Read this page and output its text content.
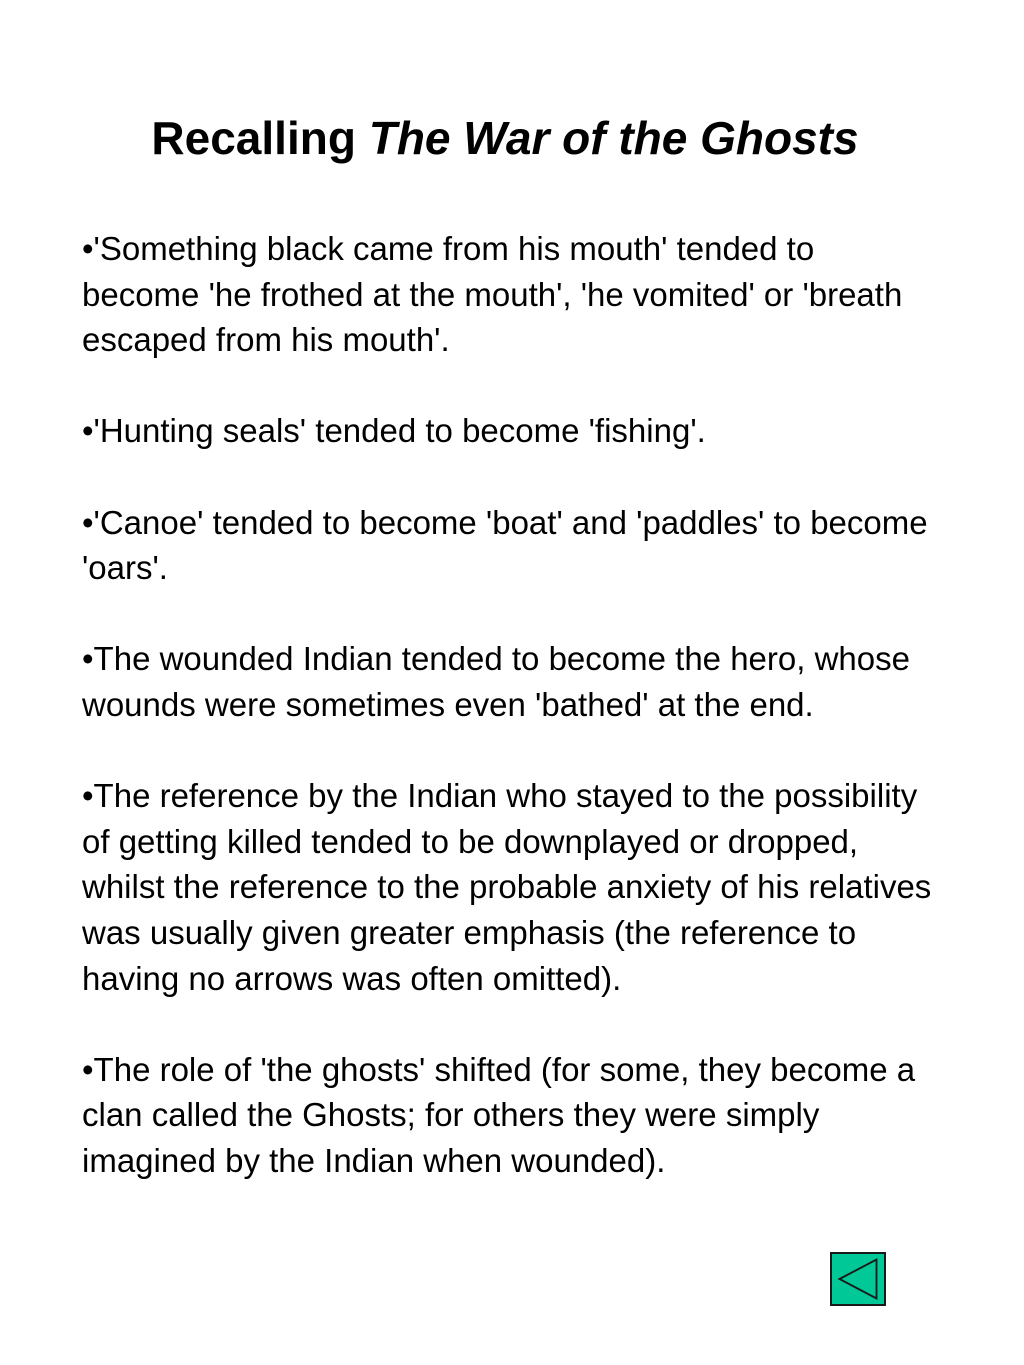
Recalling The War of the Ghosts

•'Something black came from his mouth' tended to become 'he frothed at the mouth', 'he vomited' or 'breath escaped from his mouth'.

•'Hunting seals' tended to become 'fishing'.

•'Canoe' tended to become 'boat' and 'paddles' to become 'oars'.

•The wounded Indian tended to become the hero, whose wounds were sometimes even 'bathed' at the end.

•The reference by the Indian who stayed to the possibility of getting killed tended to be downplayed or dropped, whilst the reference to the probable anxiety of his relatives was usually given greater emphasis (the reference to having no arrows was often omitted).

•The role of 'the ghosts' shifted (for some, they become a clan called the Ghosts; for others they were simply imagined by the Indian when wounded).
